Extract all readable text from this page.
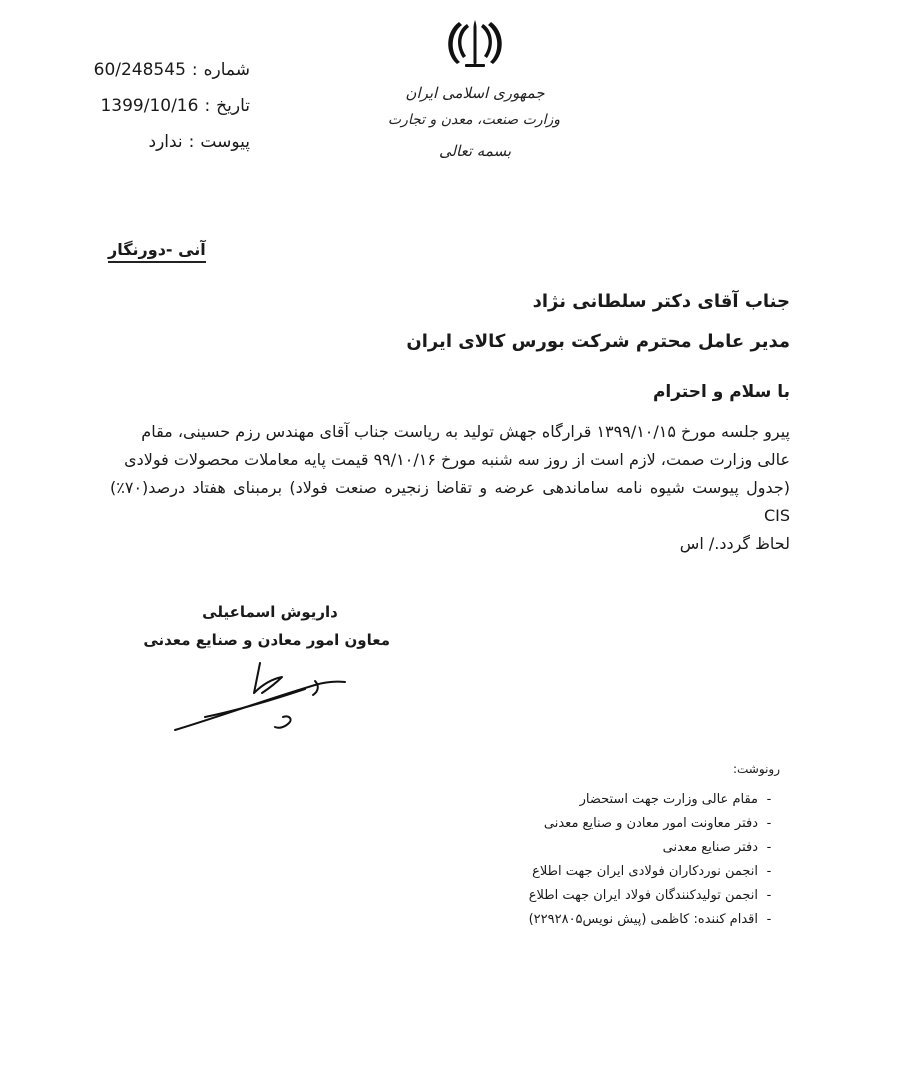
جمهوری اسلامی ایران
وزارت صنعت، معدن و تجارت
بسمه تعالی
شماره
:
60/248545
تاریخ
:
1399/10/16
پیوست
:
ندارد
آنی -دورنگار
جناب آقای دکتر سلطانی نژاد
مدیر عامل محترم شرکت بورس کالای ایران
با سلام و احترام

پیرو جلسه مورخ ۱۳۹۹/۱۰/۱۵ قرارگاه جهش تولید به ریاست جناب آقای مهندس رزم حسینی، مقام

عالی وزارت صمت، لازم است از روز سه شنبه مورخ ۹۹/۱۰/۱۶ قیمت پایه معاملات محصولات فولادی

(جدول پیوست شیوه نامه ساماندهی عرضه و تقاضا زنجیره صنعت فولاد) برمبنای هفتاد درصد(۷۰٪) CIS

لحاظ گردد./ اس

داریوش اسماعیلی
معاون امور معادن و صنایع معدنی
رونوشت:
-
مقام عالی وزارت جهت استحضار
-
دفتر معاونت امور معادن و صنایع معدنی
-
دفتر صنایع معدنی
-
انجمن نوردکاران فولادی ایران جهت اطلاع
-
انجمن تولیدکنندگان فولاد ایران جهت اطلاع
-
اقدام کننده: کاظمی (پیش نویس۲۲۹۲۸۰۵)
